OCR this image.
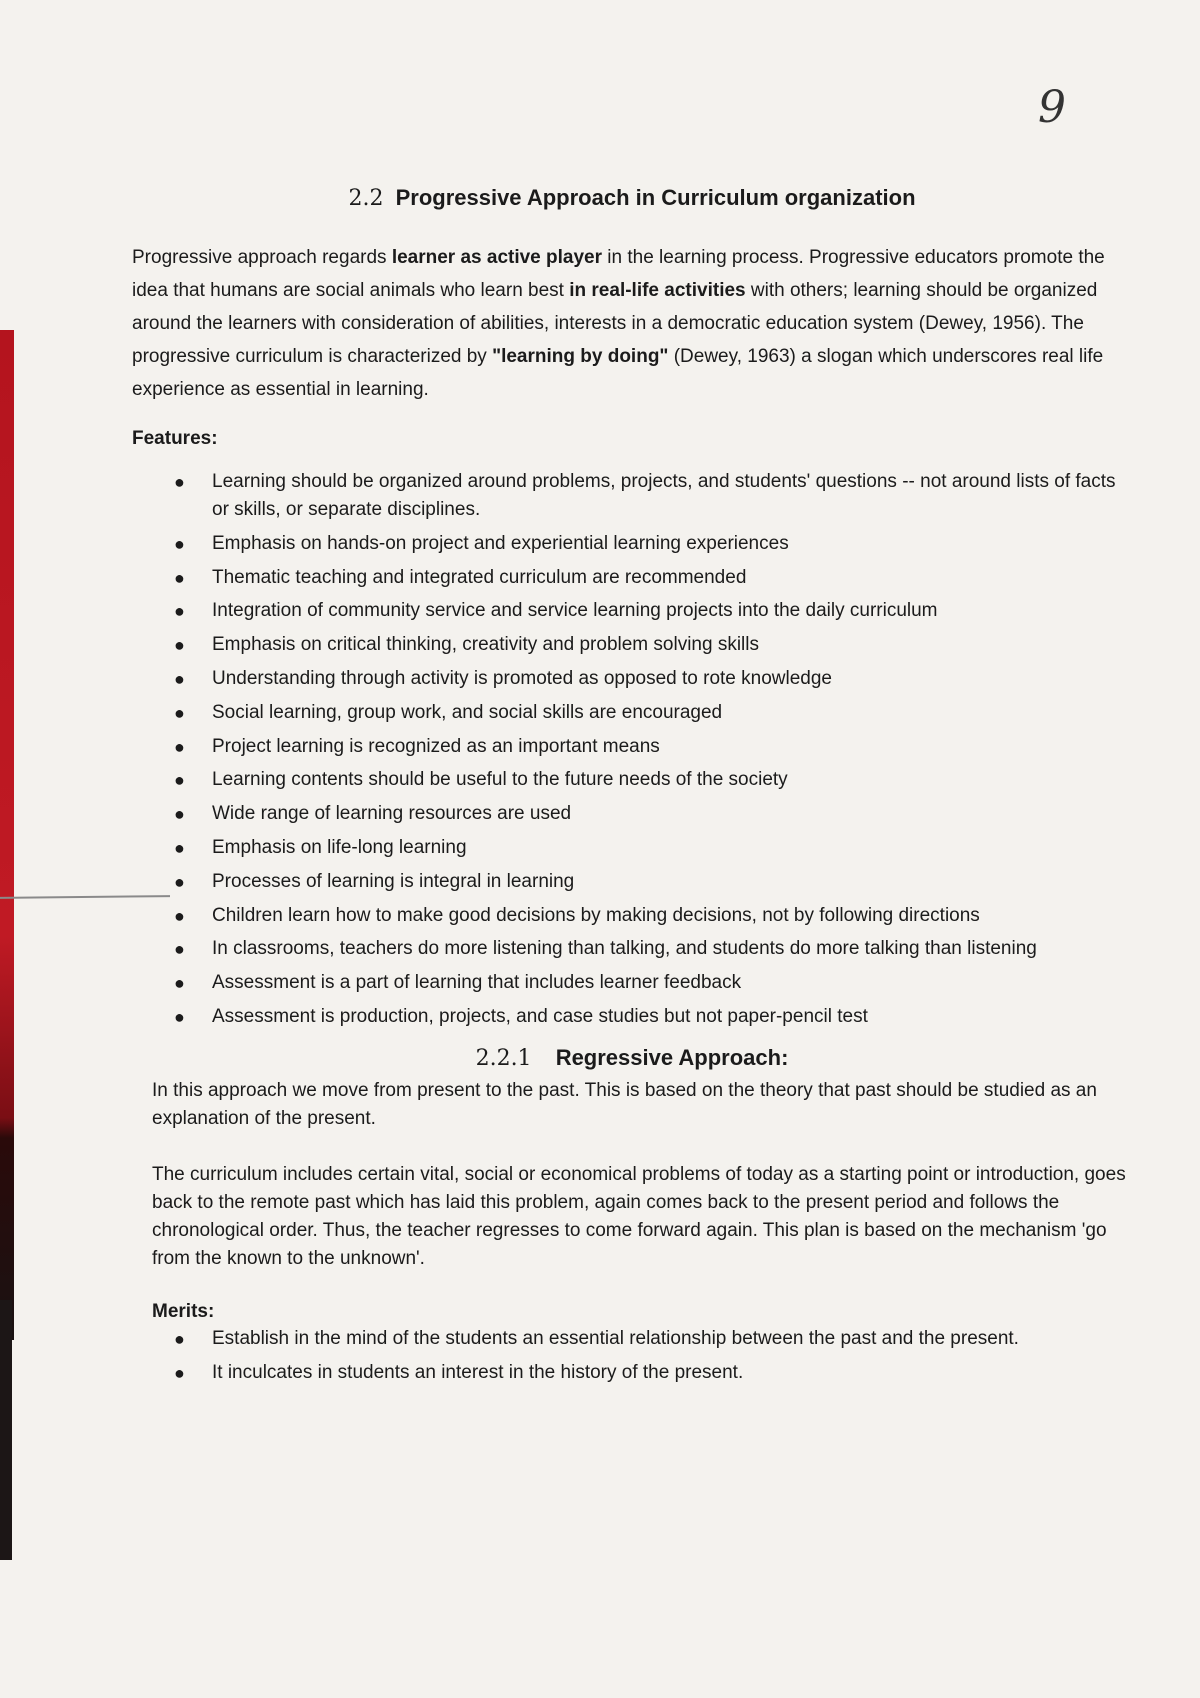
9
2.2 Progressive Approach in Curriculum organization

Progressive approach regards learner as active player in the learning process. Progressive educators promote the idea that humans are social animals who learn best in real-life activities with others; learning should be organized around the learners with consideration of abilities, interests in a democratic education system (Dewey, 1956). The progressive curriculum is characterized by "learning by doing" (Dewey, 1963) a slogan which underscores real life experience as essential in learning.

Features:
● Learning should be organized around problems, projects, and students' questions -- not around lists of facts or skills, or separate disciplines.
● Emphasis on hands-on project and experiential learning experiences
● Thematic teaching and integrated curriculum are recommended
● Integration of community service and service learning projects into the daily curriculum
● Emphasis on critical thinking, creativity and problem solving skills
● Understanding through activity is promoted as opposed to rote knowledge
● Social learning, group work, and social skills are encouraged
● Project learning is recognized as an important means
● Learning contents should be useful to the future needs of the society
● Wide range of learning resources are used
● Emphasis on life-long learning
● Processes of learning is integral in learning
● Children learn how to make good decisions by making decisions, not by following directions
● In classrooms, teachers do more listening than talking, and students do more talking than listening
● Assessment is a part of learning that includes learner feedback
● Assessment is production, projects, and case studies but not paper-pencil test
2.2.1 Regressive Approach:

In this approach we move from present to the past. This is based on the theory that past should be studied as an explanation of the present.

The curriculum includes certain vital, social or economical problems of today as a starting point or introduction, goes back to the remote past which has laid this problem, again comes back to the present period and follows the chronological order. Thus, the teacher regresses to come forward again. This plan is based on the mechanism 'go from the known to the unknown'.

Merits:
● Establish in the mind of the students an essential relationship between the past and the present.
● It inculcates in students an interest in the history of the present.
